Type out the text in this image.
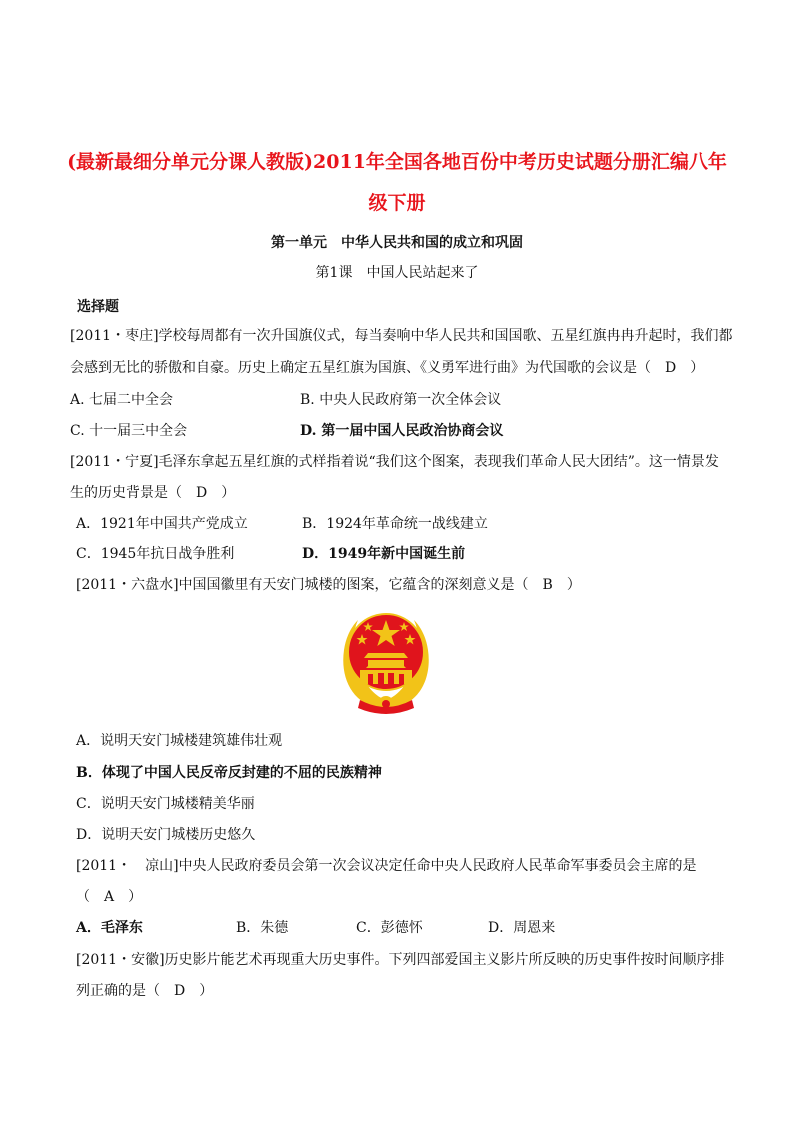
(最新最细分单元分课人教版)2011年全国各地百份中考历史试题分册汇编八年
级下册
第一单元　中华人民共和国的成立和巩固
第1课　中国人民站起来了
选择题
[2011・枣庄]学校每周都有一次升国旗仪式，每当奏响中华人民共和国国歌、五星红旗冉冉升起时，我们都
会感到无比的骄傲和自豪。历史上确定五星红旗为国旗、《义勇军进行曲》为代国歌的会议是（　D　）
A. 七届二中全会	B. 中央人民政府第一次全体会议
C. 十一届三中全会	D. 第一届中国人民政治协商会议
[2011・宁夏]毛泽东拿起五星红旗的式样指着说“我们这个图案，表现我们革命人民大团结”。这一情景发
生的历史背景是（　D　）
A．1921年中国共产党成立	B．1924年革命统一战线建立
C．1945年抗日战争胜利	D．1949年新中国诞生前
[2011・六盘水]中国国徽里有天安门城楼的图案，它蕴含的深刻意义是（　B　）
A．说明天安门城楼建筑雄伟壮观
B．体现了中国人民反帝反封建的不屈的民族精神
C．说明天安门城楼精美华丽
D．说明天安门城楼历史悠久
[2011・　凉山]中央人民政府委员会第一次会议决定任命中央人民政府人民革命军事委员会主席的是
（　A　）
A．毛泽东	B．朱德	C．彭德怀	D．周恩来
[2011・安徽]历史影片能艺术再现重大历史事件。下列四部爱国主义影片所反映的历史事件按时间顺序排
列正确的是（　D　）
